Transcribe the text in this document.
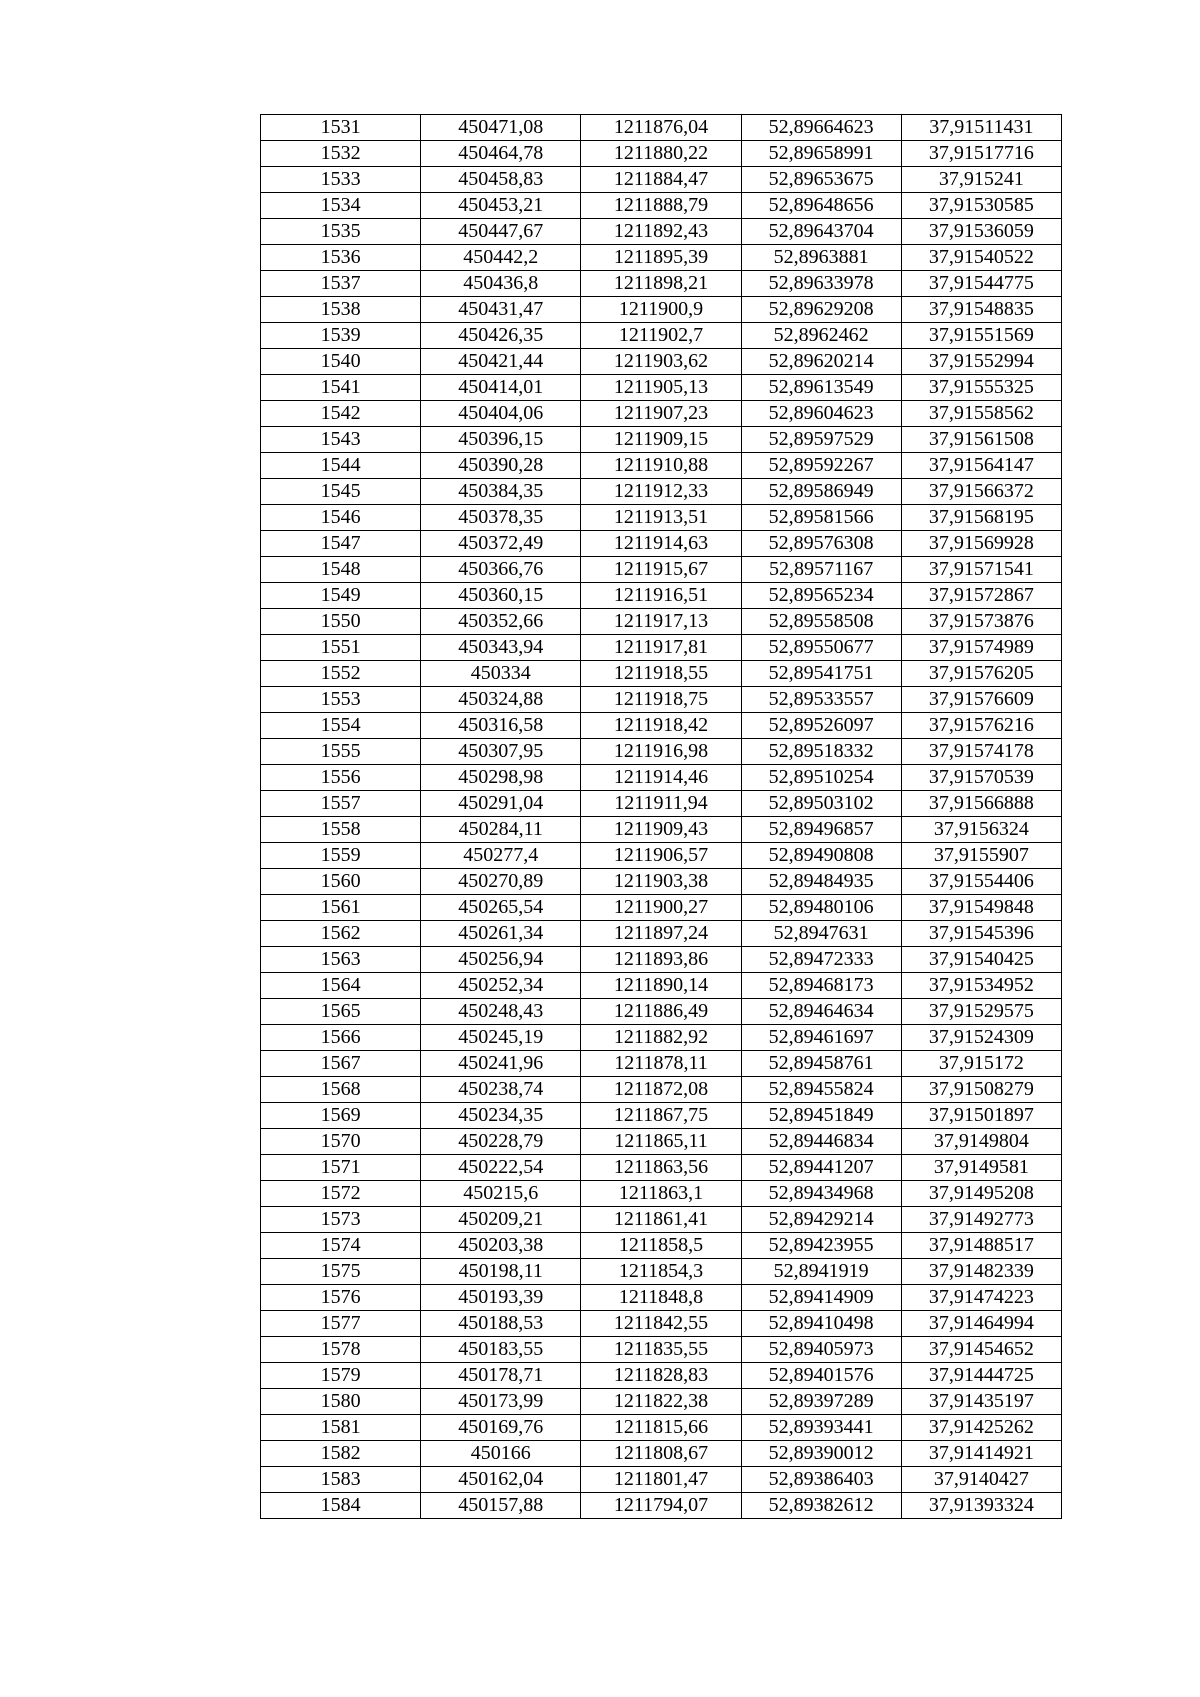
1531	450471,08	1211876,04	52,89664623	37,91511431
1532	450464,78	1211880,22	52,89658991	37,91517716
1533	450458,83	1211884,47	52,89653675	37,915241
1534	450453,21	1211888,79	52,89648656	37,91530585
1535	450447,67	1211892,43	52,89643704	37,91536059
1536	450442,2	1211895,39	52,8963881	37,91540522
1537	450436,8	1211898,21	52,89633978	37,91544775
1538	450431,47	1211900,9	52,89629208	37,91548835
1539	450426,35	1211902,7	52,8962462	37,91551569
1540	450421,44	1211903,62	52,89620214	37,91552994
1541	450414,01	1211905,13	52,89613549	37,91555325
1542	450404,06	1211907,23	52,89604623	37,91558562
1543	450396,15	1211909,15	52,89597529	37,91561508
1544	450390,28	1211910,88	52,89592267	37,91564147
1545	450384,35	1211912,33	52,89586949	37,91566372
1546	450378,35	1211913,51	52,89581566	37,91568195
1547	450372,49	1211914,63	52,89576308	37,91569928
1548	450366,76	1211915,67	52,89571167	37,91571541
1549	450360,15	1211916,51	52,89565234	37,91572867
1550	450352,66	1211917,13	52,89558508	37,91573876
1551	450343,94	1211917,81	52,89550677	37,91574989
1552	450334	1211918,55	52,89541751	37,91576205
1553	450324,88	1211918,75	52,89533557	37,91576609
1554	450316,58	1211918,42	52,89526097	37,91576216
1555	450307,95	1211916,98	52,89518332	37,91574178
1556	450298,98	1211914,46	52,89510254	37,91570539
1557	450291,04	1211911,94	52,89503102	37,91566888
1558	450284,11	1211909,43	52,89496857	37,9156324
1559	450277,4	1211906,57	52,89490808	37,9155907
1560	450270,89	1211903,38	52,89484935	37,91554406
1561	450265,54	1211900,27	52,89480106	37,91549848
1562	450261,34	1211897,24	52,8947631	37,91545396
1563	450256,94	1211893,86	52,89472333	37,91540425
1564	450252,34	1211890,14	52,89468173	37,91534952
1565	450248,43	1211886,49	52,89464634	37,91529575
1566	450245,19	1211882,92	52,89461697	37,91524309
1567	450241,96	1211878,11	52,89458761	37,915172
1568	450238,74	1211872,08	52,89455824	37,91508279
1569	450234,35	1211867,75	52,89451849	37,91501897
1570	450228,79	1211865,11	52,89446834	37,9149804
1571	450222,54	1211863,56	52,89441207	37,9149581
1572	450215,6	1211863,1	52,89434968	37,91495208
1573	450209,21	1211861,41	52,89429214	37,91492773
1574	450203,38	1211858,5	52,89423955	37,91488517
1575	450198,11	1211854,3	52,8941919	37,91482339
1576	450193,39	1211848,8	52,89414909	37,91474223
1577	450188,53	1211842,55	52,89410498	37,91464994
1578	450183,55	1211835,55	52,89405973	37,91454652
1579	450178,71	1211828,83	52,89401576	37,91444725
1580	450173,99	1211822,38	52,89397289	37,91435197
1581	450169,76	1211815,66	52,89393441	37,91425262
1582	450166	1211808,67	52,89390012	37,91414921
1583	450162,04	1211801,47	52,89386403	37,9140427
1584	450157,88	1211794,07	52,89382612	37,91393324
